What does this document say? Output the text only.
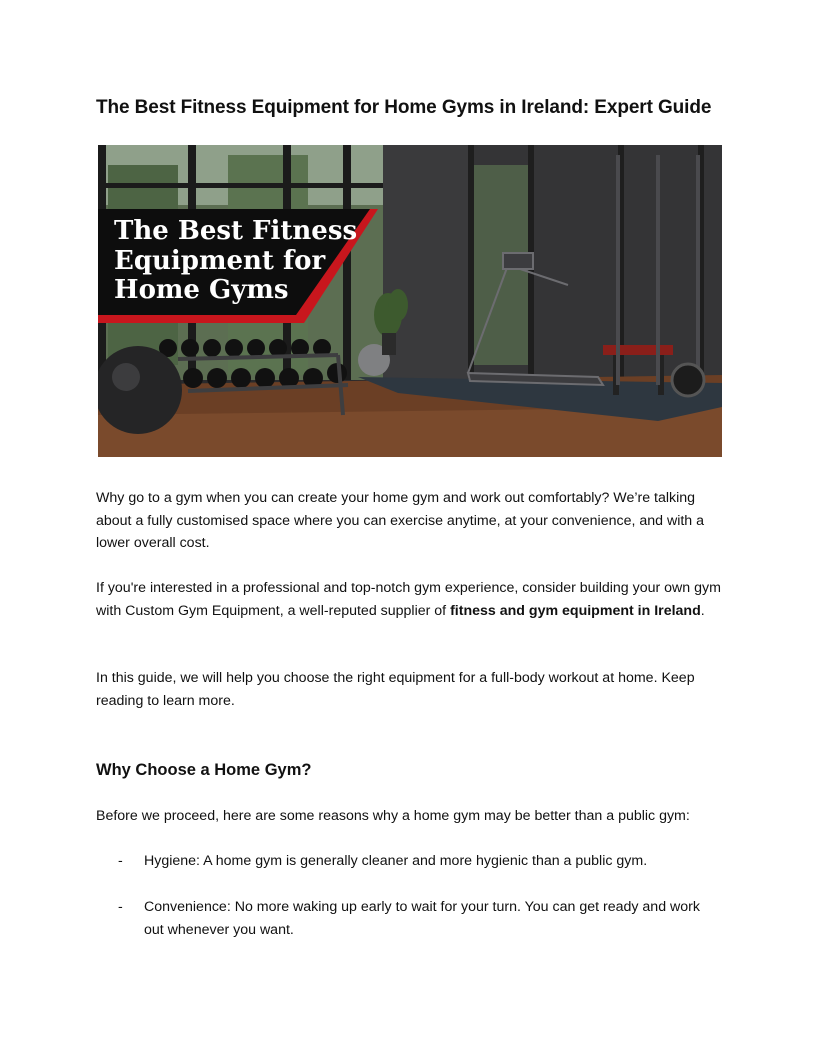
The Best Fitness Equipment for Home Gyms in Ireland: Expert Guide
The Best Fitness
Equipment for
Home Gyms

Why go to a gym when you can create your home gym and work out comfortably? We’re talking about a fully customised space where you can exercise anytime, at your convenience, and with a lower overall cost.

If you're interested in a professional and top-notch gym experience, consider building your own gym with Custom Gym Equipment, a well-reputed supplier of fitness and gym equipment in Ireland.

In this guide, we will help you choose the right equipment for a full-body workout at home. Keep reading to learn more.

Why Choose a Home Gym?

Before we proceed, here are some reasons why a home gym may be better than a public gym:

- Hygiene: A home gym is generally cleaner and more hygienic than a public gym.
- Convenience: No more waking up early to wait for your turn. You can get ready and work out whenever you want.
